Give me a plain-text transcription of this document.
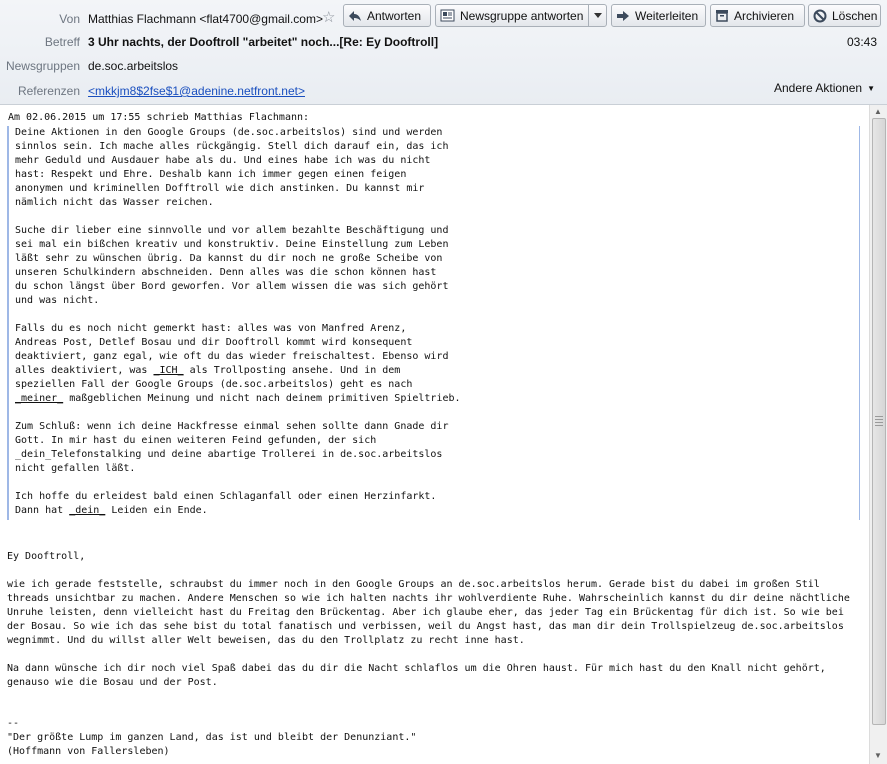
Von Matthias Flachmann <flat4700@gmail.com> ☆	Antworten	Newsgruppe antworten	Weiterleiten	Archivieren	Löschen
Betreff 3 Uhr nachts, der Dooftroll "arbeitet" noch...[Re: Ey Dooftroll]	03:43
Newsgruppen de.soc.arbeitslos
Referenzen <mkkjm8$2fse$1@adenine.netfront.net>	Andere Aktionen ▼
Am 02.06.2015 um 17:55 schrieb Matthias Flachmann:
Deine Aktionen in den Google Groups (de.soc.arbeitslos) sind und werden
sinnlos sein. Ich mache alles rückgängig. Stell dich darauf ein, das ich
mehr Geduld und Ausdauer habe als du. Und eines habe ich was du nicht
hast: Respekt und Ehre. Deshalb kann ich immer gegen einen feigen
anonymen und kriminellen Dofftroll wie dich anstinken. Du kannst mir
nämlich nicht das Wasser reichen.

Suche dir lieber eine sinnvolle und vor allem bezahlte Beschäftigung und
sei mal ein bißchen kreativ und konstruktiv. Deine Einstellung zum Leben
läßt sehr zu wünschen übrig. Da kannst du dir noch ne große Scheibe von
unseren Schulkindern abschneiden. Denn alles was die schon können hast
du schon längst über Bord geworfen. Vor allem wissen die was sich gehört
und was nicht.

Falls du es noch nicht gemerkt hast: alles was von Manfred Arenz,
Andreas Post, Detlef Bosau und dir Dooftroll kommt wird konsequent
deaktiviert, ganz egal, wie oft du das wieder freischaltest. Ebenso wird
alles deaktiviert, was _ICH_ als Trollposting ansehe. Und in dem
speziellen Fall der Google Groups (de.soc.arbeitslos) geht es nach
_meiner_ maßgeblichen Meinung und nicht nach deinem primitiven Spieltrieb.

Zum Schluß: wenn ich deine Hackfresse einmal sehen sollte dann Gnade dir
Gott. In mir hast du einen weiteren Feind gefunden, der sich
_dein_Telefonstalking und deine abartige Trollerei in de.soc.arbeitslos
nicht gefallen läßt.

Ich hoffe du erleidest bald einen Schlaganfall oder einen Herzinfarkt.
Dann hat _dein_ Leiden ein Ende.
Ey Dooftroll,
wie ich gerade feststelle, schraubst du immer noch in den Google Groups an de.soc.arbeitslos herum. Gerade bist du dabei im großen Stil
threads unsichtbar zu machen. Andere Menschen so wie ich halten nachts ihr wohlverdiente Ruhe. Wahrscheinlich kannst du dir deine nächtliche
Unruhe leisten, denn vielleicht hast du Freitag den Brückentag. Aber ich glaube eher, das jeder Tag ein Brückentag für dich ist. So wie bei
der Bosau. So wie ich das sehe bist du total fanatisch und verbissen, weil du Angst hast, das man dir dein Trollspielzeug de.soc.arbeitslos
wegnimmt. Und du willst aller Welt beweisen, das du den Trollplatz zu recht inne hast.
Na dann wünsche ich dir noch viel Spaß dabei das du dir die Nacht schlaflos um die Ohren haust. Für mich hast du den Knall nicht gehört,
genauso wie die Bosau und der Post.
--
"Der größte Lump im ganzen Land, das ist und bleibt der Denunziant."
(Hoffmann von Fallersleben)
▲
▼
